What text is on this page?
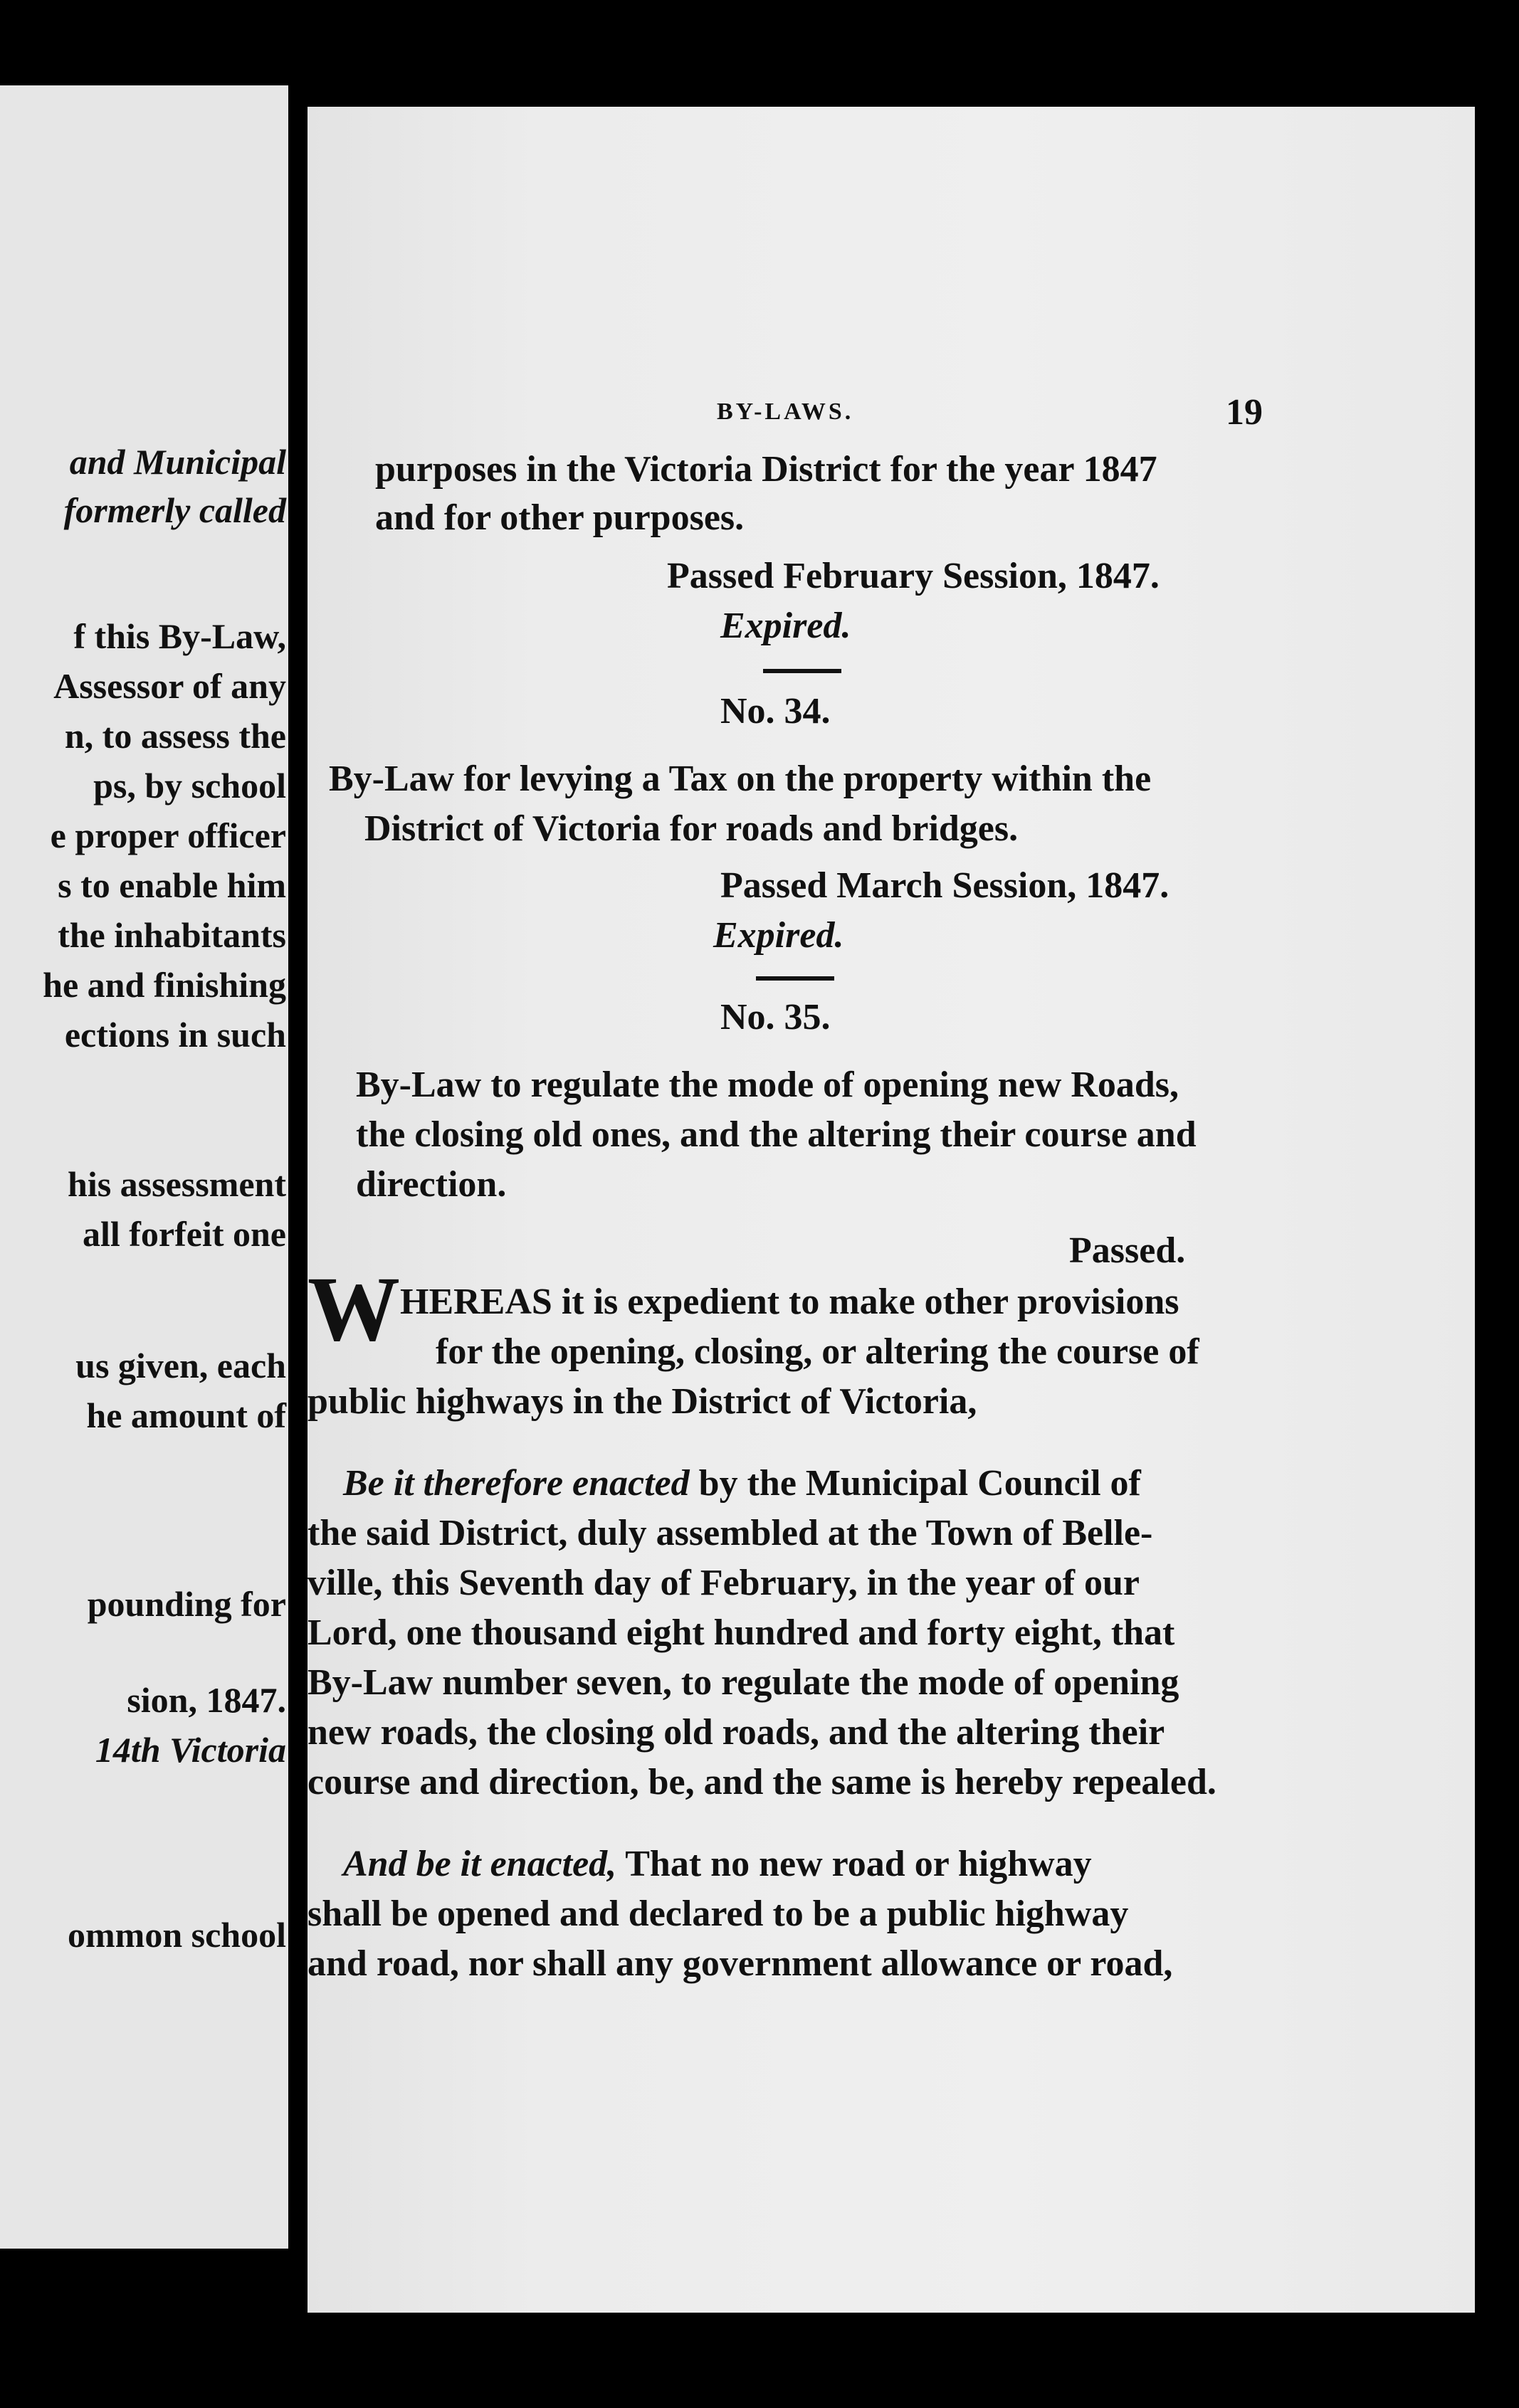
and Municipal
formerly called
f this By-Law,
Assessor of any
n, to assess the
ps, by school
e proper officer
s to enable him
the inhabitants
he and finishing
ections in such
his assessment
all forfeit one
us given, each
he amount of
pounding for
sion, 1847.
14th Victoria
ommon school
BY-LAWS.	19
purposes in the Victoria District for the year 1847
and for other purposes.
Passed February Session, 1847.
Expired.
No. 34.
By-Law for levying a Tax on the property within the
District of Victoria for roads and bridges.
Passed March Session, 1847.
Expired.
No. 35.
By-Law to regulate the mode of opening new Roads,
the closing old ones, and the altering their course and
direction.
Passed.
W HEREAS it is expedient to make other provisions
for the opening, closing, or altering the course of
public highways in the District of Victoria,
Be it therefore enacted by the Municipal Council of
the said District, duly assembled at the Town of Belle-
ville, this Seventh day of February, in the year of our
Lord, one thousand eight hundred and forty eight, that
By-Law number seven, to regulate the mode of opening
new roads, the closing old roads, and the altering their
course and direction, be, and the same is hereby repealed.
And be it enacted, That no new road or highway
shall be opened and declared to be a public highway
and road, nor shall any government allowance or road,
